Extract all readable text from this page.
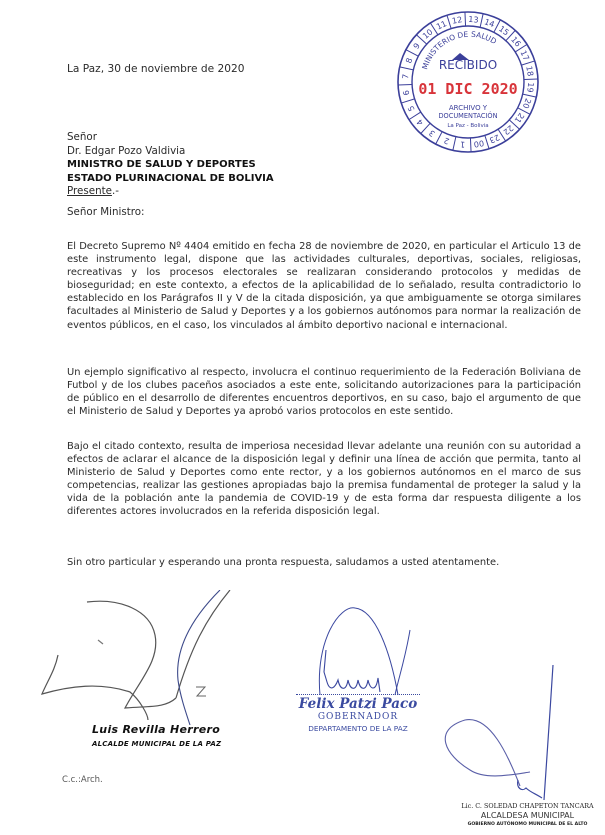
12 13 14
15
16
17
18
19
20
21
22
23
00
1
2
3
4
5
6
7
8
9
10
11
MINISTERIO DE SALUD
RECIBIDO
01 DIC 2020
ARCHIVO Y
DOCUMENTACIÓN
La Paz - Bolivia
La Paz, 30 de noviembre de 2020
Señor
Dr. Edgar Pozo Valdivia
MINISTRO DE SALUD Y DEPORTES
ESTADO PLURINACIONAL DE BOLIVIA
Presente.-
Señor Ministro:
El Decreto Supremo Nº 4404 emitido en fecha 28 de noviembre de 2020, en particular el Articulo 13 de este instrumento legal, dispone que las actividades culturales, deportivas, sociales, religiosas, recreativas y los procesos electorales se realizaran considerando protocolos y medidas de bioseguridad; en este contexto, a efectos de la aplicabilidad de lo señalado, resulta contradictorio lo establecido en los Parágrafos II y V de la citada disposición, ya que ambiguamente se otorga similares facultades al Ministerio de Salud y Deportes y a los gobiernos autónomos para normar la realización de eventos públicos, en el caso, los vinculados al ámbito deportivo nacional e internacional.
Un ejemplo significativo al respecto, involucra el continuo requerimiento de la Federación Boliviana de Futbol y de los clubes paceños asociados a este ente, solicitando autorizaciones para la participación de público en el desarrollo de diferentes encuentros deportivos, en su caso, bajo el argumento de que el Ministerio de Salud y Deportes ya aprobó varios protocolos en este sentido.
Bajo el citado contexto, resulta de imperiosa necesidad llevar adelante una reunión con su autoridad a efectos de aclarar el alcance de la disposición legal y definir una línea de acción que permita, tanto al Ministerio de Salud y Deportes como ente rector, y a los gobiernos autónomos en el marco de sus competencias, realizar las gestiones apropiadas bajo la premisa fundamental de proteger la salud y la vida de la población ante la pandemia de COVID-19 y de esta forma dar respuesta diligente a los diferentes actores involucrados en la referida disposición legal.
Sin otro particular y esperando una pronta respuesta, saludamos a usted atentamente.
Luis Revilla Herrero
ALCALDE MUNICIPAL DE LA PAZ
Felix Patzi Paco
GOBERNADOR
DEPARTAMENTO DE LA PAZ
Lic. C. SOLEDAD CHAPETON TANCARA
ALCALDESA MUNICIPAL
GOBIERNO AUTÓNOMO MUNICIPAL DE EL ALTO
C.c.:Arch.
